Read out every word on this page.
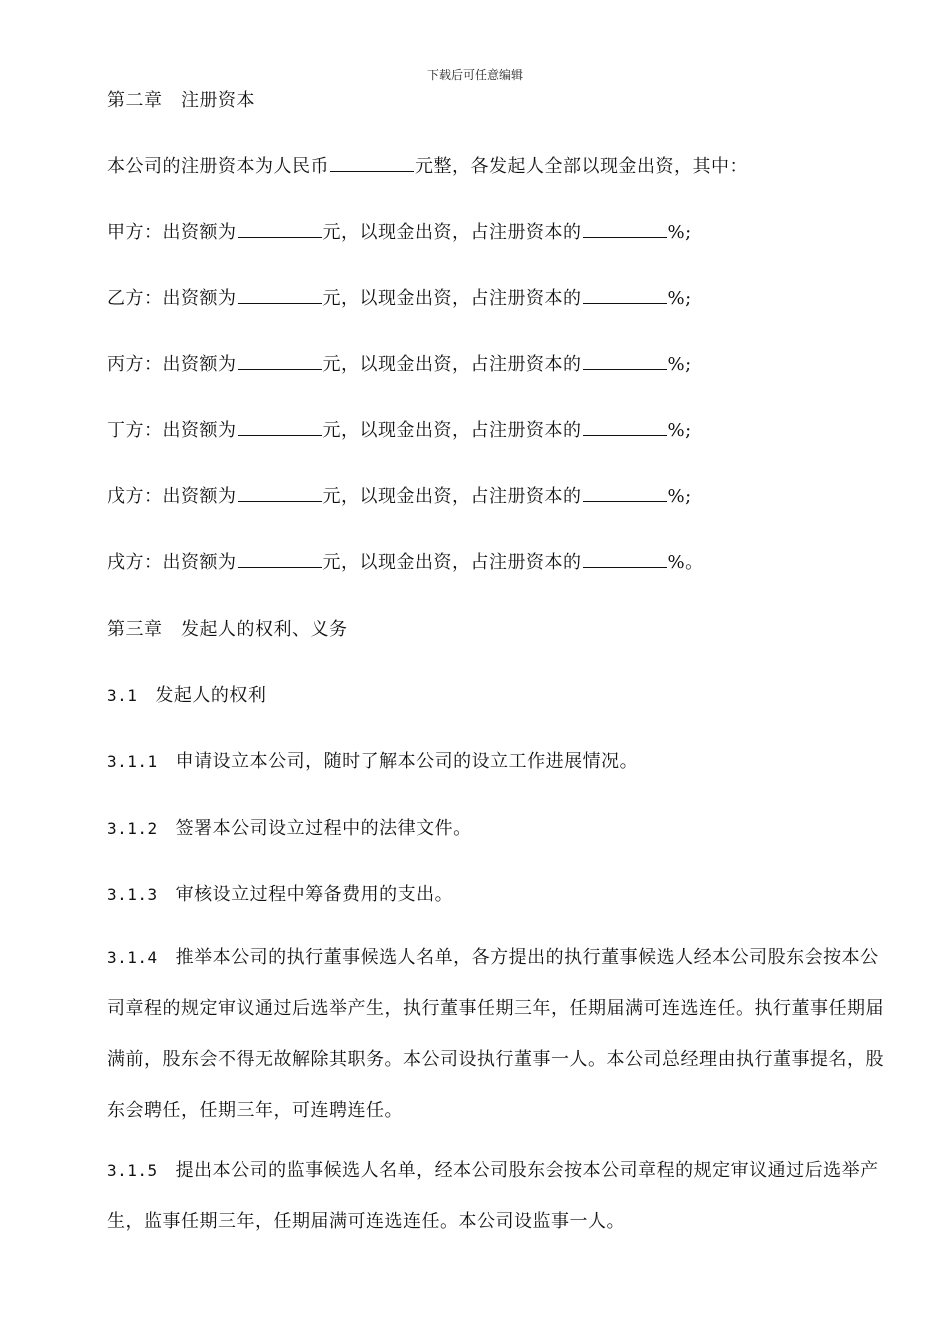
下载后可任意编辑
第二章　注册资本
本公司的注册资本为人民币	元整，各发起人全部以现金出资，其中：
甲方：出资额为	元，以现金出资，占注册资本的	%;
乙方：出资额为	元，以现金出资，占注册资本的	%;
丙方：出资额为	元，以现金出资，占注册资本的	%;
丁方：出资额为	元，以现金出资，占注册资本的	%;
戊方：出资额为	元，以现金出资，占注册资本的	%;
戌方：出资额为	元，以现金出资，占注册资本的	%。
第三章　发起人的权利、义务
3.1 发起人的权利
3.1.1 申请设立本公司，随时了解本公司的设立工作进展情况。
3.1.2 签署本公司设立过程中的法律文件。
3.1.3 审核设立过程中筹备费用的支出。
3.1.4 推举本公司的执行董事候选人名单，各方提出的执行董事候选人经本公司股东会按本公司章程的规定审议通过后选举产生，执行董事任期三年，任期届满可连选连任。执行董事任期届满前，股东会不得无故解除其职务。本公司设执行董事一人。本公司总经理由执行董事提名，股东会聘任，任期三年，可连聘连任。
3.1.5 提出本公司的监事候选人名单，经本公司股东会按本公司章程的规定审议通过后选举产生，监事任期三年，任期届满可连选连任。本公司设监事一人。
